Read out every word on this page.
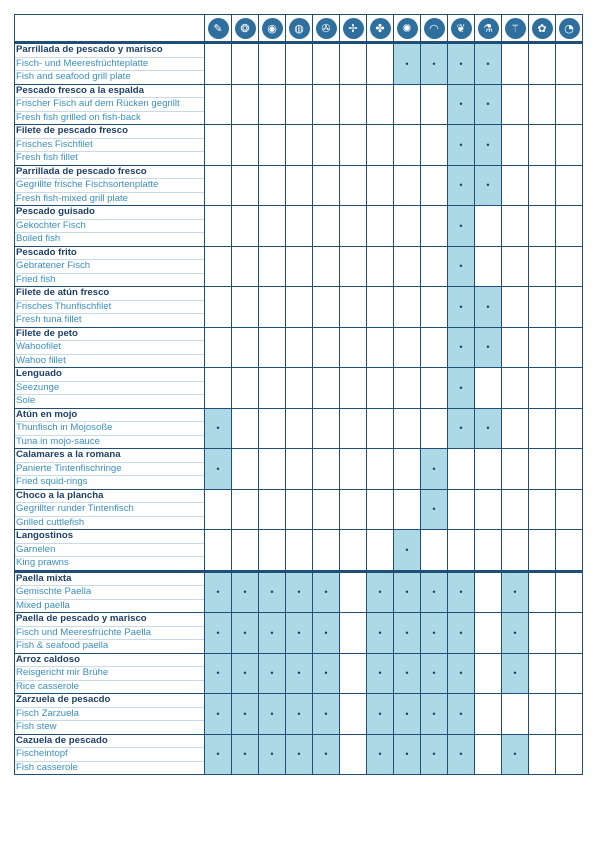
	✎	❂	◉	◍	✇	✢	✤	✺	◠	❦	⚗	⚚	✿	◔

Parrillada de pescado y marisco
Fisch- und Meeresfrüchteplatte
Fish and seafood grill plate								•	•	•	•			

Pescado fresco a la espalda
Frischer Fisch auf dem Rücken gegrillt
Fresh fish grilled on fish-back										•	•			

Filete de pescado fresco
Frisches Fischfilet
Fresh fish fillet										•	•			

Parrillada de pescado fresco
Gegrillte frische Fischsortenplatte
Fresh fish-mixed grill plate										•	•			

Pescado guisado
Gekochter Fisch
Boiled fish										•				

Pescado frito
Gebratener Fisch
Fried fish										•				

Filete de atún fresco
Frisches Thunfischfilet
Fresh tuna fillet										•	•			

Filete de peto
Wahoofilet
Wahoo fillet										•	•			

Lenguado
Seezunge
Sole										•				

Atún en mojo
Thunfisch in Mojosoße
Tuna in mojo-sauce	•									•	•			

Calamares a la romana
Panierte Tintenfischringe
Fried squid-rings	•								•					

Choco a la plancha
Gegrillter runder Tintenfisch
Grilled cuttlefish									•					

Langostinos
Garnelen
King prawns								•						

Paella mixta
Gemischte Paella
Mixed paella	•	•	•	•	•		•	•	•	•		•		

Paella de pescado y marisco
Fisch und Meeresfrüchte Paella
Fish & seafood paella	•	•	•	•	•		•	•	•	•		•		

Arroz caldoso
Reisgericht mir Brühe
Rice casserole	•	•	•	•	•		•	•	•	•		•		

Zarzuela de pesacdo
Fisch Zarzuela
Fish stew	•	•	•	•	•		•	•	•	•				

Cazuela de pescado
Fischeintopf
Fish casserole	•	•	•	•	•		•	•	•	•		•		
